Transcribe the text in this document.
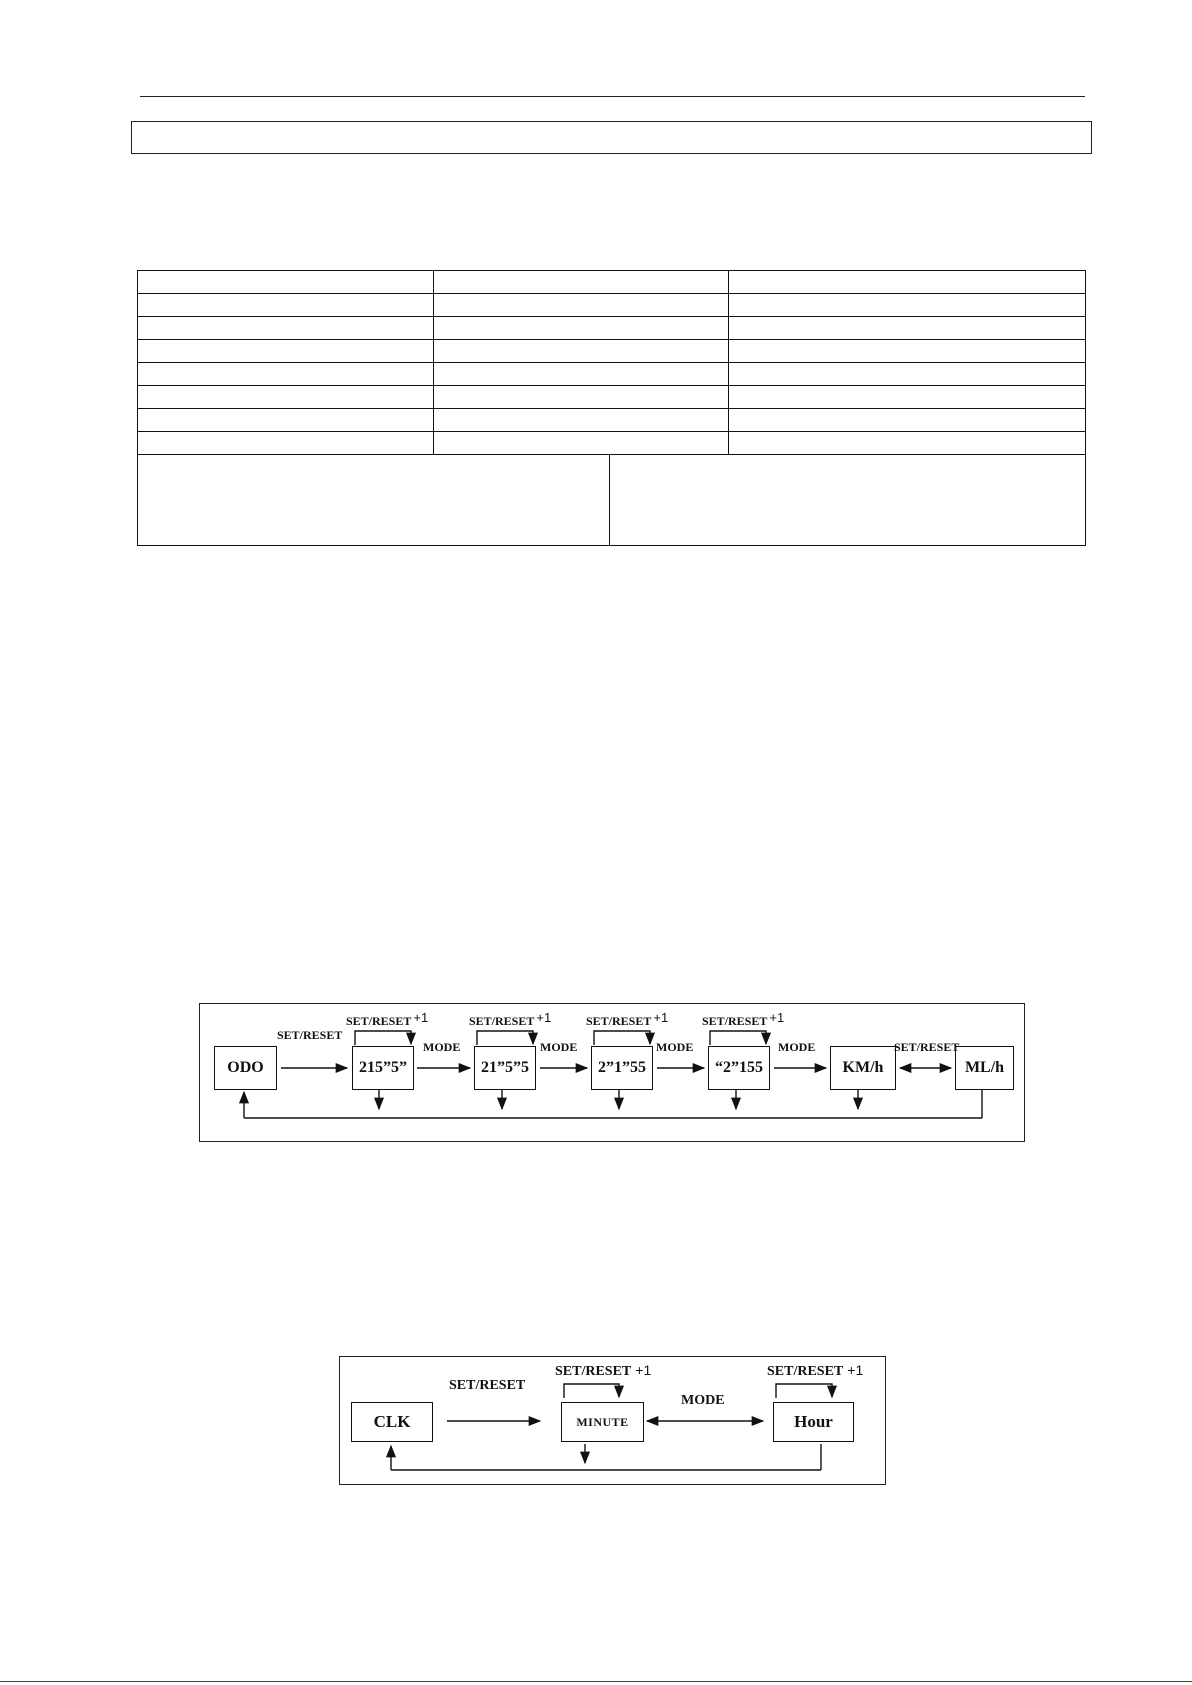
ODO	215”5”	21”5”5	2”1”55	“2”155	KM/h	ML/h
SET/RESET
SET/RESET +1	SET/RESET +1	SET/RESET +1	SET/RESET +1
MODE	MODE	MODE	MODE	SET/RESET
CLK	MINUTE	Hour
SET/RESET
SET/RESET +1	SET/RESET +1
MODE
